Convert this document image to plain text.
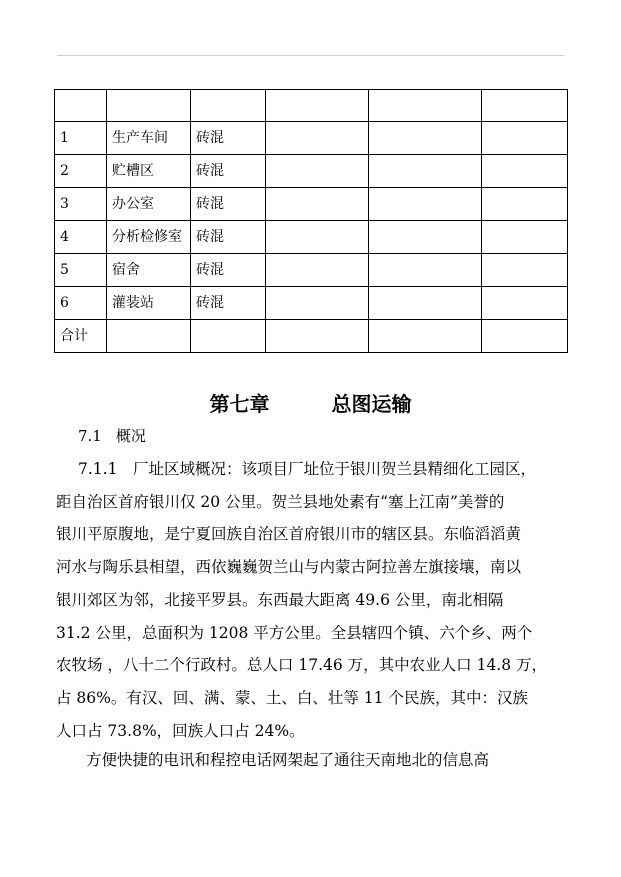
1	生产车间	砖混			
2	贮槽区	砖混			
3	办公室	砖混			
4	分析检修室	砖混			
5	宿舍	砖混			
6	灌装站	砖混			
合计					
第七章	总图运输
7.1 概况
7.1.1　厂址区域概况：该项目厂址位于银川贺兰县精细化工园区，
距自治区首府银川仅 20 公里。贺兰县地处素有“塞上江南”美誉的
银川平原腹地，是宁夏回族自治区首府银川市的辖区县。东临滔滔黄
河水与陶乐县相望，西依巍巍贺兰山与内蒙古阿拉善左旗接壤，南以
银川郊区为邻，北接平罗县。东西最大距离 49.6 公里，南北相隔
31.2 公里，总面积为 1208 平方公里。全县辖四个镇、六个乡、两个
农牧场 ，八十二个行政村。总人口 17.46 万，其中农业人口 14.8 万，
占 86%。有汉、回、满、蒙、土、白、壮等 11 个民族，其中：汉族
人口占 73.8%，回族人口占 24%。
方便快捷的电讯和程控电话网架起了通往天南地北的信息高
